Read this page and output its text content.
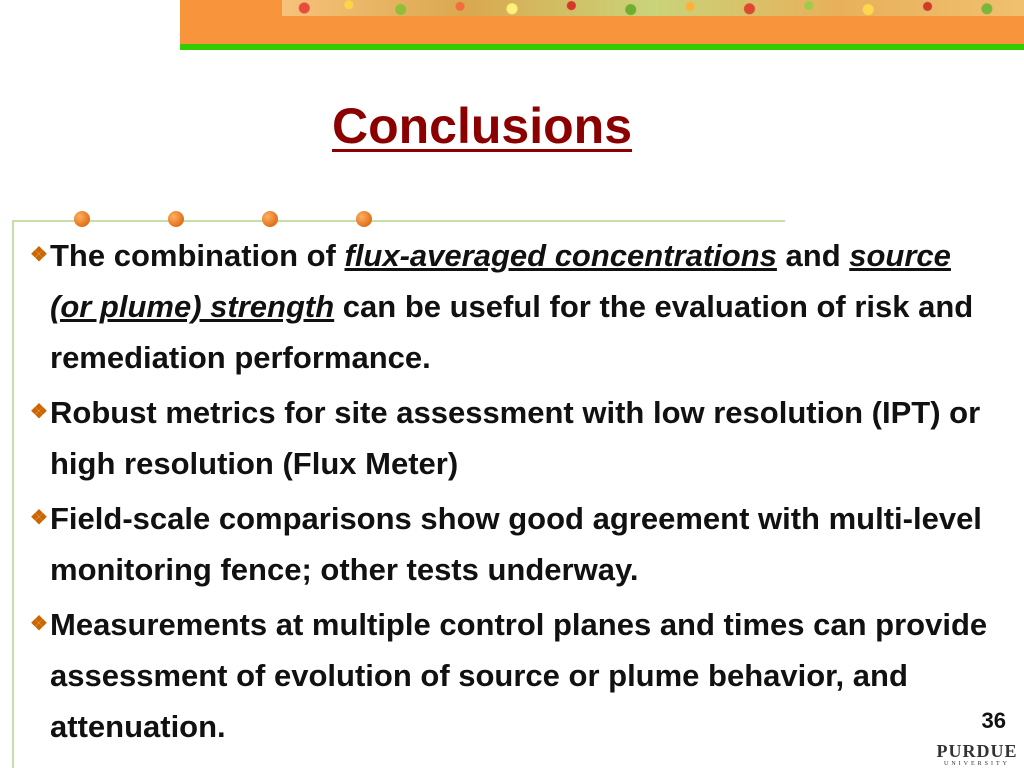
Conclusions
❖ The combination of flux-averaged concentrations and source (or plume) strength can be useful for the evaluation of risk and remediation performance.
❖ Robust metrics for site assessment with low resolution (IPT) or high resolution (Flux Meter)
❖ Field-scale comparisons show good agreement with multi-level monitoring fence; other tests underway.
❖ Measurements at multiple control planes and times can provide assessment of evolution of source or plume behavior, and attenuation.	36
PURDUE
UNIVERSITY
